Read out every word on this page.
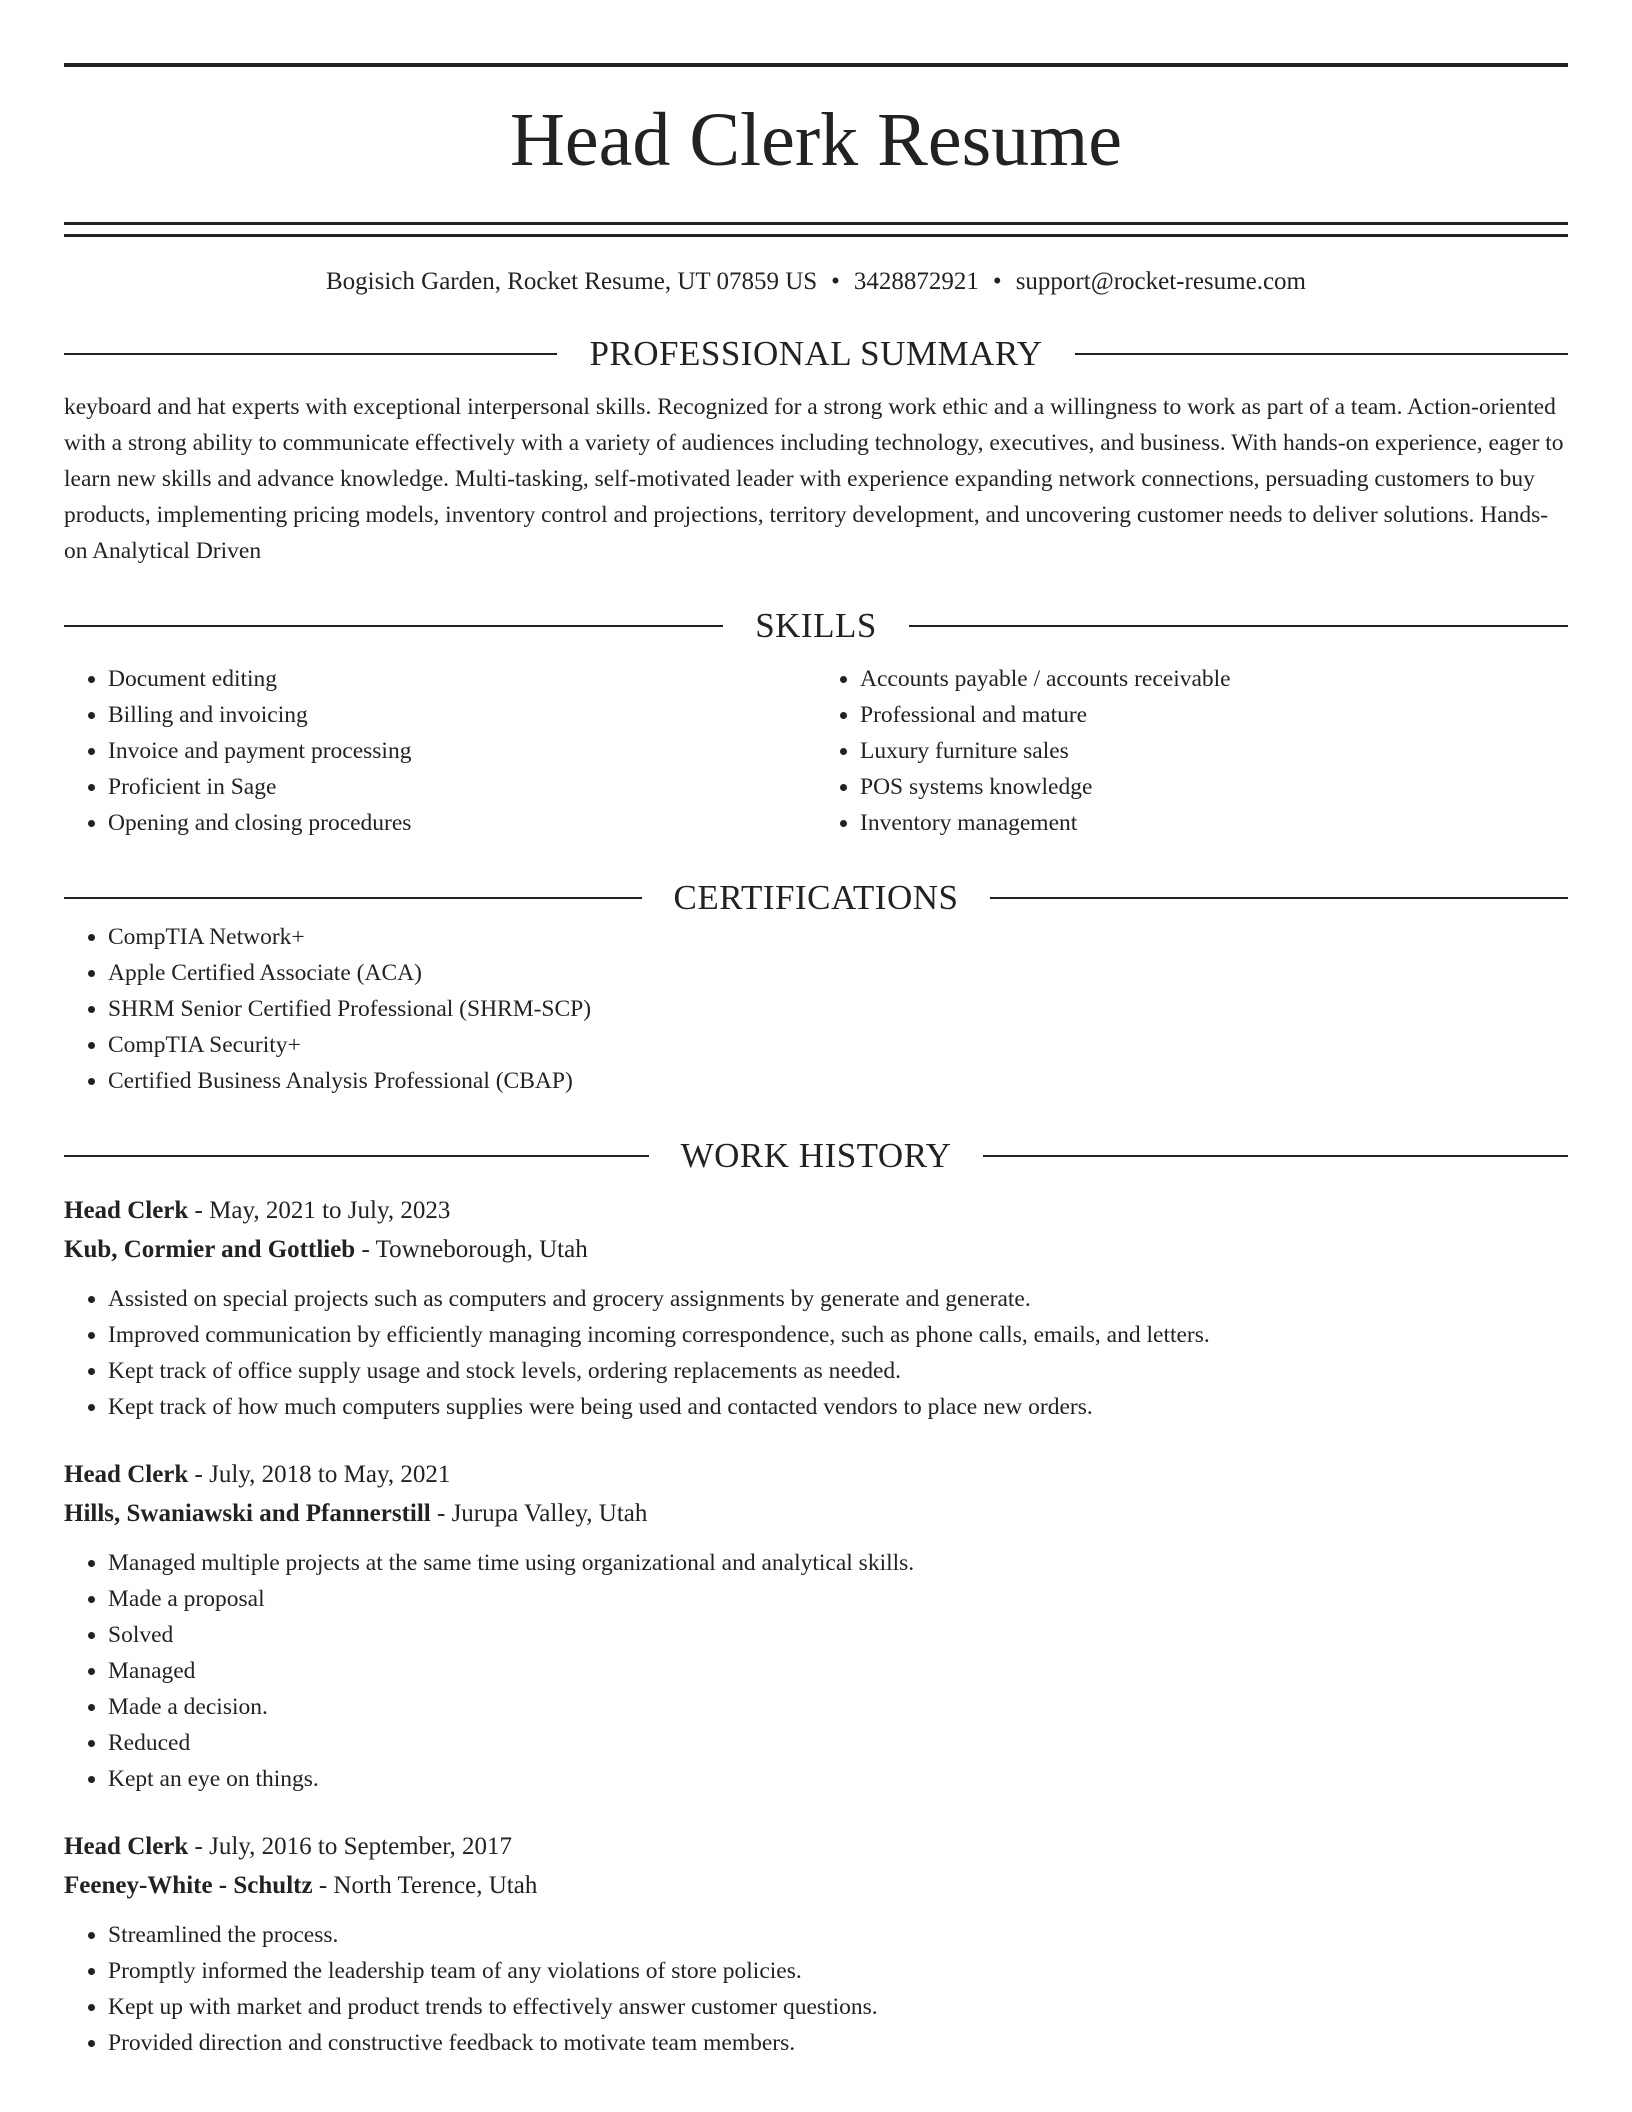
Head Clerk Resume
Bogisich Garden, Rocket Resume, UT 07859 US • 3428872921 • support@rocket-resume.com
PROFESSIONAL SUMMARY
keyboard and hat experts with exceptional interpersonal skills. Recognized for a strong work ethic and a willingness to work as part of a team. Action-oriented with a strong ability to communicate effectively with a variety of audiences including technology, executives, and business. With hands-on experience, eager to learn new skills and advance knowledge. Multi-tasking, self-motivated leader with experience expanding network connections, persuading customers to buy products, implementing pricing models, inventory control and projections, territory development, and uncovering customer needs to deliver solutions. Hands-on Analytical Driven
SKILLS
• Document editing
• Billing and invoicing
• Invoice and payment processing
• Proficient in Sage
• Opening and closing procedures
• Accounts payable / accounts receivable
• Professional and mature
• Luxury furniture sales
• POS systems knowledge
• Inventory management
CERTIFICATIONS
• CompTIA Network+
• Apple Certified Associate (ACA)
• SHRM Senior Certified Professional (SHRM-SCP)
• CompTIA Security+
• Certified Business Analysis Professional (CBAP)
WORK HISTORY
Head Clerk - May, 2021 to July, 2023
Kub, Cormier and Gottlieb - Towneborough, Utah
• Assisted on special projects such as computers and grocery assignments by generate and generate.
• Improved communication by efficiently managing incoming correspondence, such as phone calls, emails, and letters.
• Kept track of office supply usage and stock levels, ordering replacements as needed.
• Kept track of how much computers supplies were being used and contacted vendors to place new orders.
Head Clerk - July, 2018 to May, 2021
Hills, Swaniawski and Pfannerstill - Jurupa Valley, Utah
• Managed multiple projects at the same time using organizational and analytical skills.
• Made a proposal
• Solved
• Managed
• Made a decision.
• Reduced
• Kept an eye on things.
Head Clerk - July, 2016 to September, 2017
Feeney-White - Schultz - North Terence, Utah
• Streamlined the process.
• Promptly informed the leadership team of any violations of store policies.
• Kept up with market and product trends to effectively answer customer questions.
• Provided direction and constructive feedback to motivate team members.
